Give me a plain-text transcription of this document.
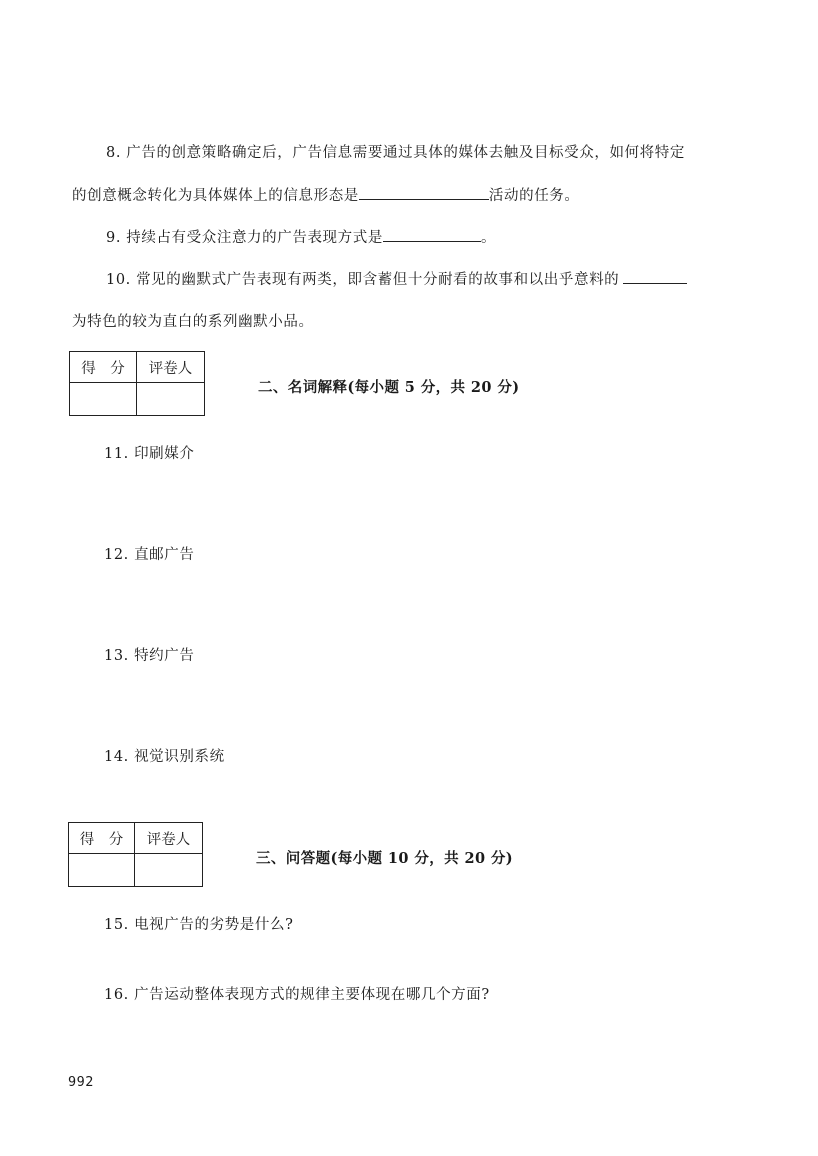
8. 广告的创意策略确定后，广告信息需要通过具体的媒体去触及目标受众，如何将特定
的创意概念转化为具体媒体上的信息形态是	活动的任务。
9. 持续占有受众注意力的广告表现方式是	。
10. 常见的幽默式广告表现有两类，即含蓄但十分耐看的故事和以出乎意料的
为特色的较为直白的系列幽默小品。
得　分	评卷人

二、名词解释(每小题 5 分，共 20 分)
11. 印刷媒介
12. 直邮广告
13. 特约广告
14. 视觉识别系统
得　分	评卷人

三、问答题(每小题 10 分，共 20 分)
15. 电视广告的劣势是什么?
16. 广告运动整体表现方式的规律主要体现在哪几个方面?
992
